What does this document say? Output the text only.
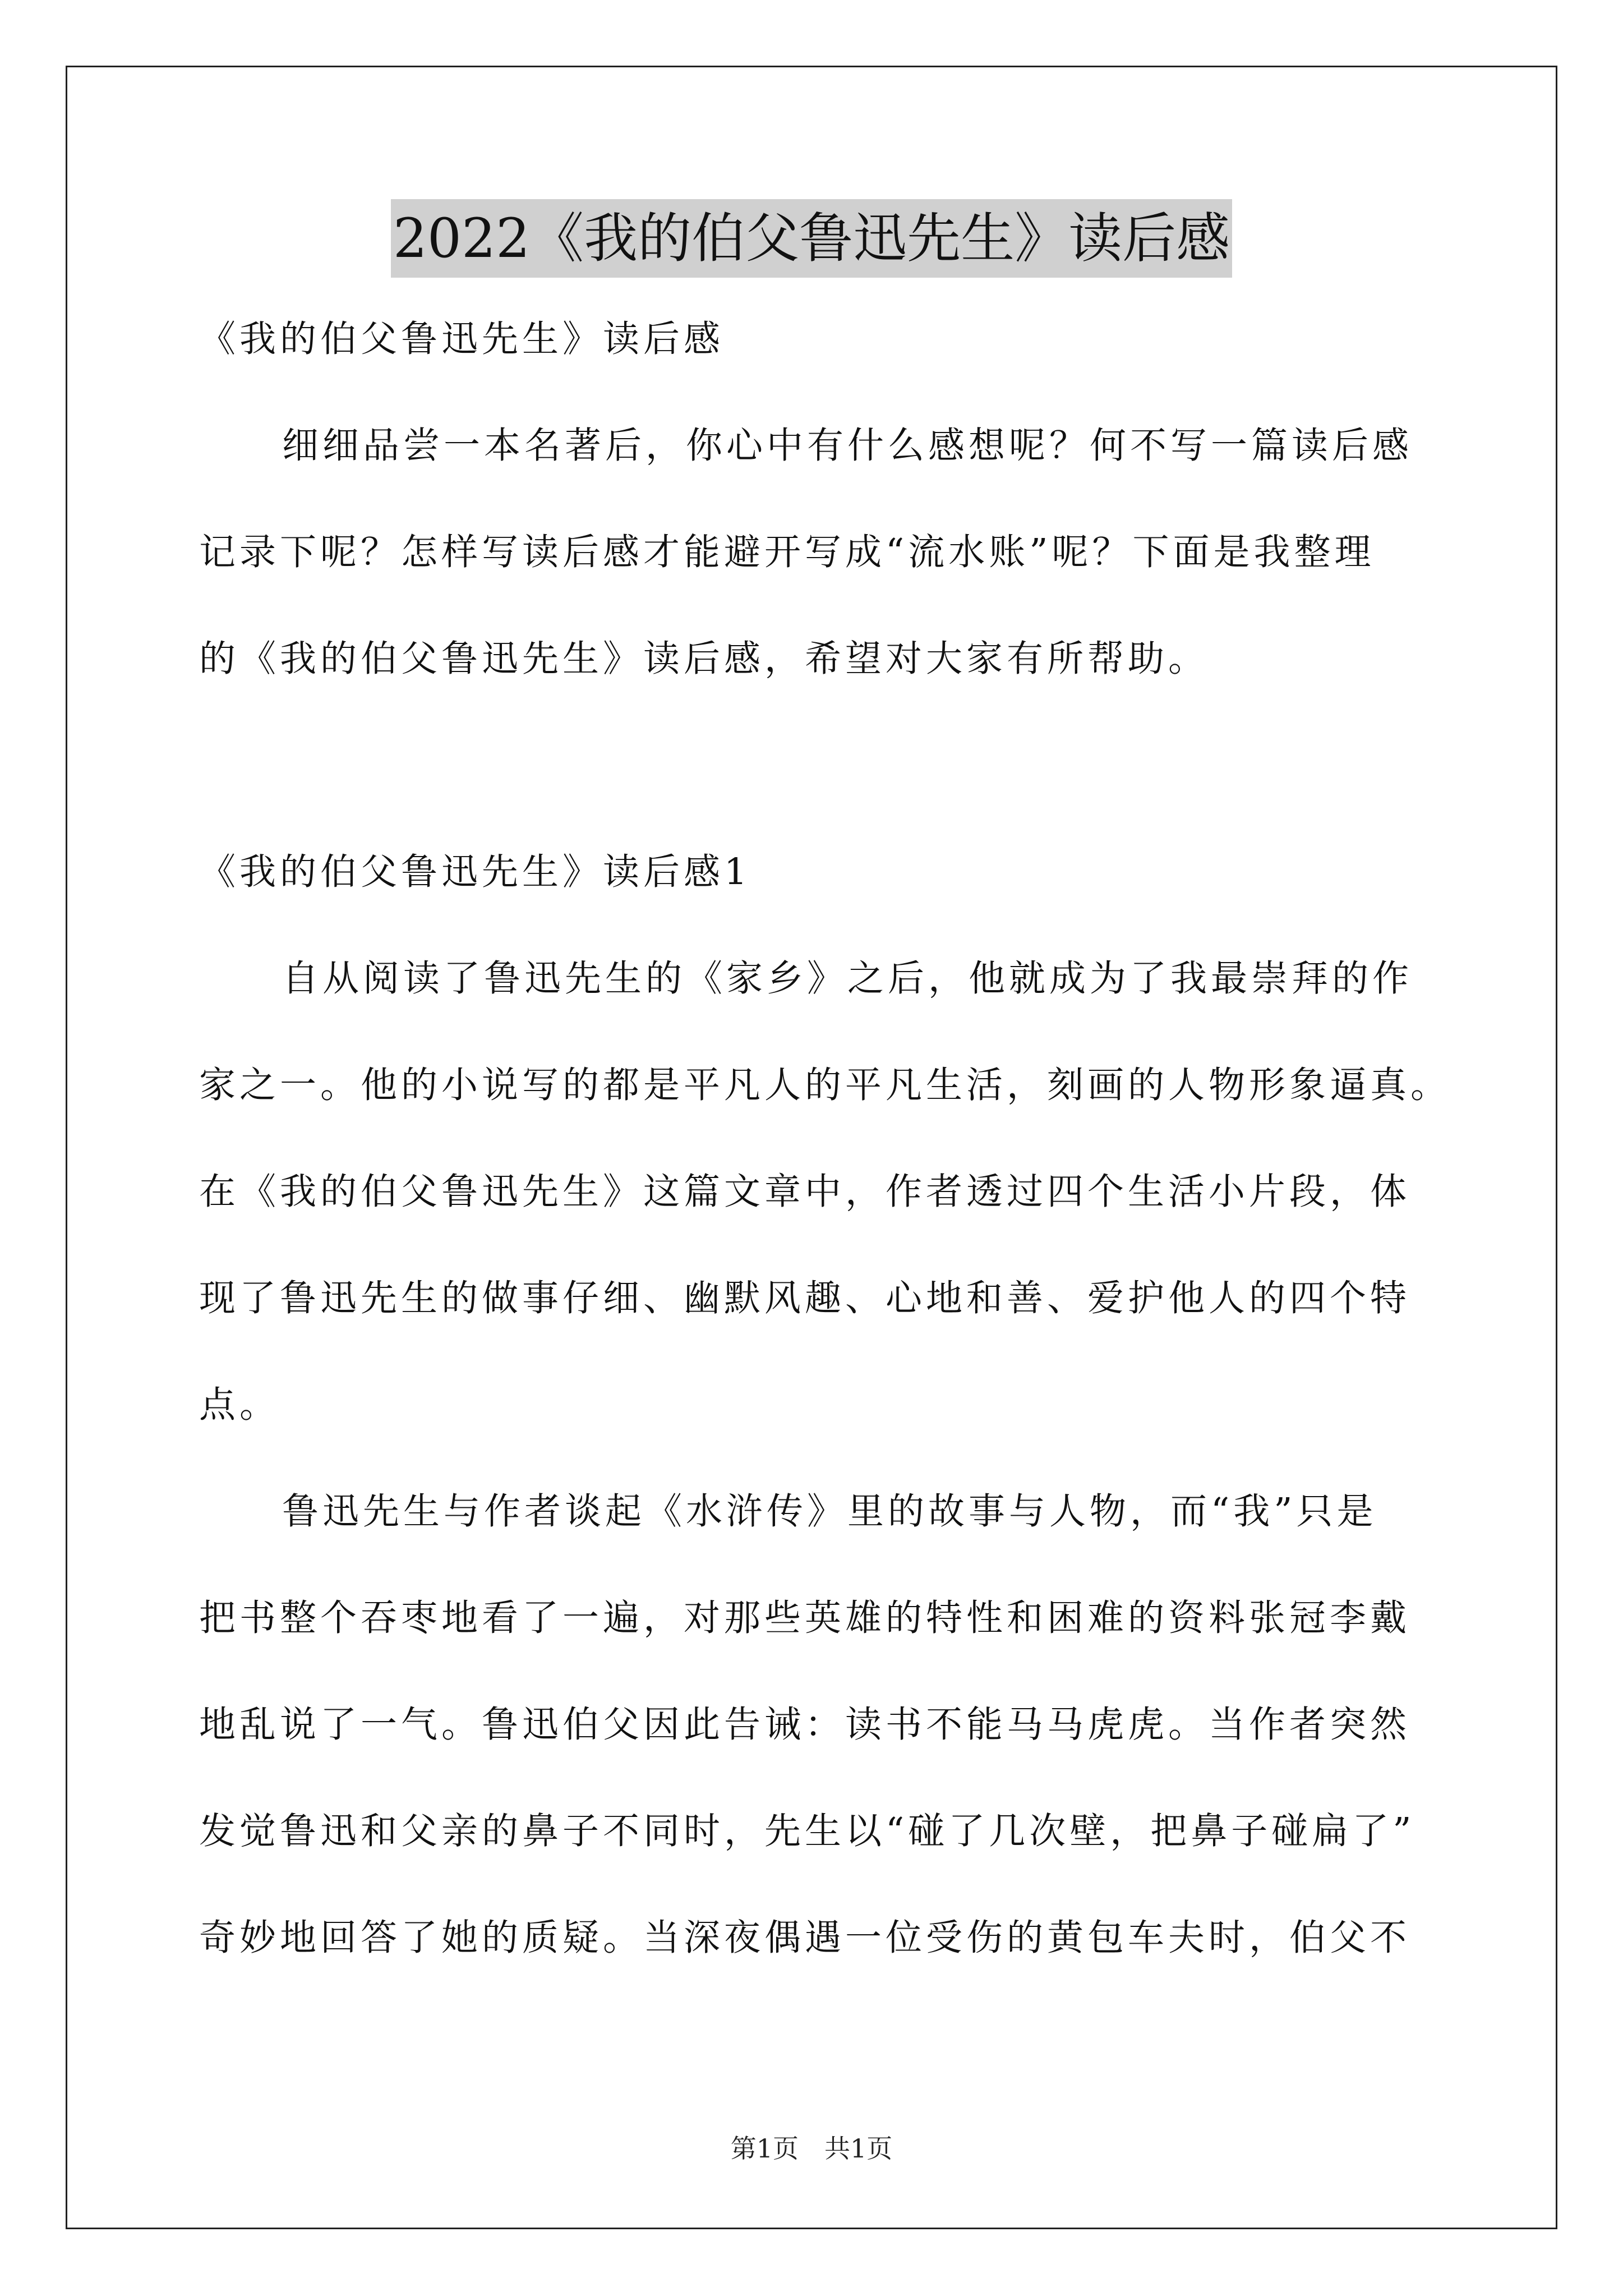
2022《我的伯父鲁迅先生》读后感
《我的伯父鲁迅先生》读后感
细细品尝一本名著后，你心中有什么感想呢？何不写一篇读后感
记录下呢？怎样写读后感才能避开写成“流水账”呢？下面是我整理
的《我的伯父鲁迅先生》读后感，希望对大家有所帮助。
《我的伯父鲁迅先生》读后感1
自从阅读了鲁迅先生的《家乡》之后，他就成为了我最崇拜的作
家之一。他的小说写的都是平凡人的平凡生活，刻画的人物形象逼真。
在《我的伯父鲁迅先生》这篇文章中，作者透过四个生活小片段，体
现了鲁迅先生的做事仔细、幽默风趣、心地和善、爱护他人的四个特
点。
鲁迅先生与作者谈起《水浒传》里的故事与人物，而“我”只是
把书整个吞枣地看了一遍，对那些英雄的特性和困难的资料张冠李戴
地乱说了一气。鲁迅伯父因此告诫：读书不能马马虎虎。当作者突然
发觉鲁迅和父亲的鼻子不同时，先生以“碰了几次壁，把鼻子碰扁了”
奇妙地回答了她的质疑。当深夜偶遇一位受伤的黄包车夫时，伯父不
第1页　共1页
